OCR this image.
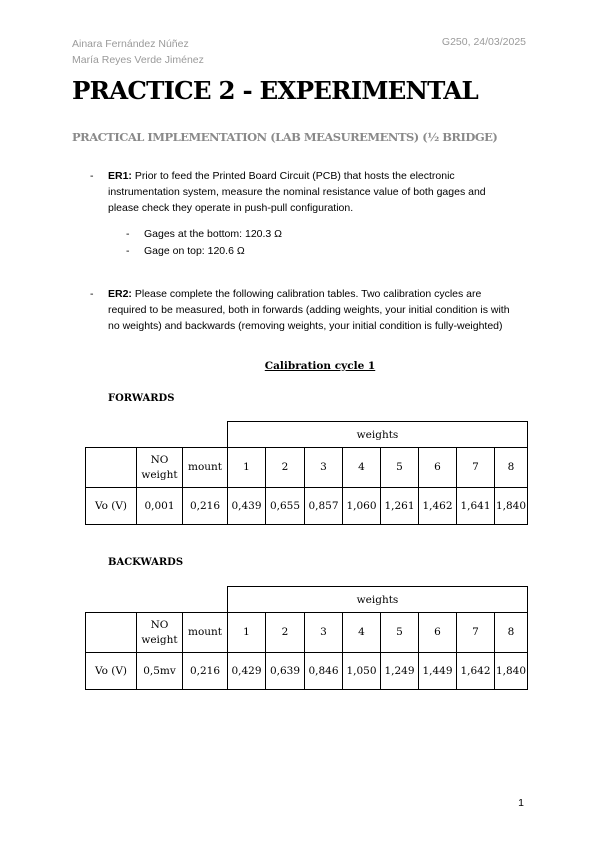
Ainara Fernández Núñez
María Reyes Verde Jiménez
G250, 24/03/2025
PRACTICE 2 - EXPERIMENTAL
PRACTICAL IMPLEMENTATION (LAB MEASUREMENTS) (½ BRIDGE)
- ER1: Prior to feed the Printed Board Circuit (PCB) that hosts the electronic instrumentation system, measure the nominal resistance value of both gages and please check they operate in push-pull configuration.
- Gages at the bottom: 120.3 Ω
- Gage on top: 120.6 Ω
- ER2: Please complete the following calibration tables. Two calibration cycles are required to be measured, both in forwards (adding weights, your initial condition is with no weights) and backwards (removing weights, your initial condition is fully-weighted)
Calibration cycle 1
FORWARDS
			weights							
	NO weight	mount	1	2	3	4	5	6	7	8
Vo (V)	0,001	0,216	0,439	0,655	0,857	1,060	1,261	1,462	1,641	1,840
BACKWARDS
			weights							
	NO weight	mount	1	2	3	4	5	6	7	8
Vo (V)	0,5mv	0,216	0,429	0,639	0,846	1,050	1,249	1,449	1,642	1,840
1
